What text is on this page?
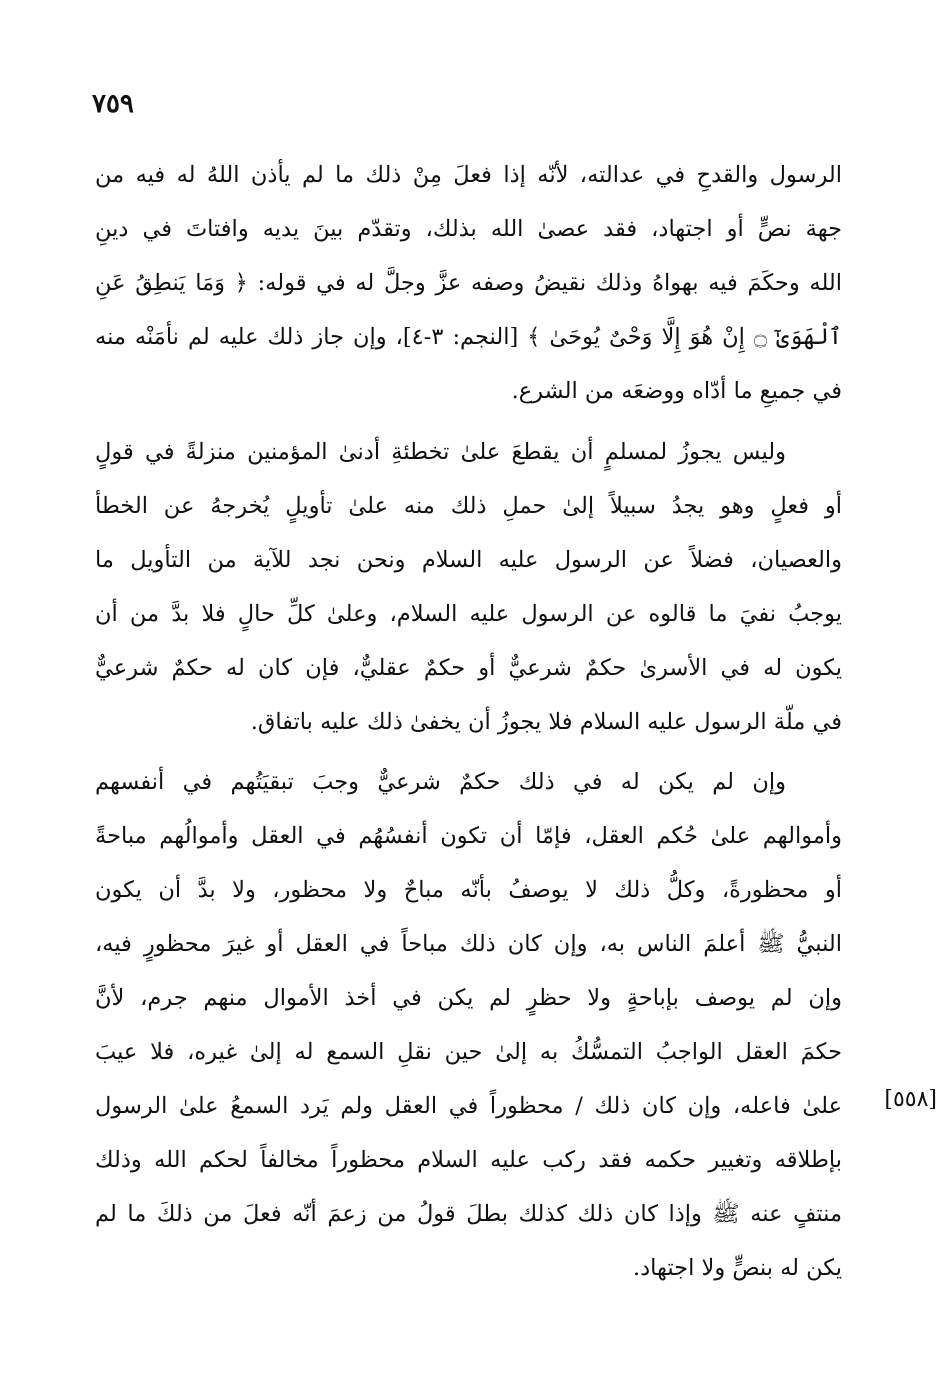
٧٥٩
الرسول والقدحِ في عدالته، لأنّه إذا فعلَ مِنْ ذلك ما لم يأذن اللهُ له فيه من
جهة نصٍّ أو اجتهاد، فقد عصىٰ الله بذلك، وتقدّم بينَ يديه وافتاتَ في دينِ
الله وحكَمَ فيه بهواهُ وذلك نقيضُ وصفه عزَّ وجلَّ له في قوله: ﴿ وَمَا يَنطِقُ عَنِ
ٱلْهَوَىٰٓ ۝ إِنْ هُوَ إِلَّا وَحْىٌ يُوحَىٰ ﴾ [النجم: ٣-٤]، وإن جاز ذلك عليه لم نأمَنْه منه
في جميعِ ما أدّاه ووضعَه من الشرع.
وليس يجوزُ لمسلمٍ أن يقطعَ علىٰ تخطئةِ أدنىٰ المؤمنين منزلةً في قولٍ
أو فعلٍ وهو يجدُ سبيلاً إلىٰ حملِ ذلك منه علىٰ تأويلٍ يُخرجهُ عن الخطأ
والعصيان، فضلاً عن الرسول عليه السلام ونحن نجد للآية من التأويل ما
يوجبُ نفيَ ما قالوه عن الرسول عليه السلام، وعلىٰ كلِّ حالٍ فلا بدَّ من أن
يكون له في الأسرىٰ حكمٌ شرعيٌّ أو حكمٌ عقليٌّ، فإن كان له حكمٌ شرعيٌّ
في ملّة الرسول عليه السلام فلا يجوزُ أن يخفىٰ ذلك عليه باتفاق.
وإن لم يكن له في ذلك حكمٌ شرعيٌّ وجبَ تبقيَتُهم في أنفسهم
وأموالهم علىٰ حُكم العقل، فإمّا أن تكون أنفسُهُم في العقل وأموالُهم مباحةً
أو محظورةً، وكلُّ ذلك لا يوصفُ بأنّه مباحٌ ولا محظور، ولا بدَّ أن يكون
النبيُّ ﷺ أعلمَ الناس به، وإن كان ذلك مباحاً في العقل أو غيرَ محظورٍ فيه،
وإن لم يوصف بإباحةٍ ولا حظرٍ لم يكن في أخذ الأموال منهم جرم، لأنَّ
حكمَ العقل الواجبُ التمسُّكُ به إلىٰ حين نقلِ السمع له إلىٰ غيره، فلا عيبَ
علىٰ فاعله، وإن كان ذلك / محظوراً في العقل ولم يَرد السمعُ علىٰ الرسول
بإطلاقه وتغيير حكمه فقد ركب عليه السلام محظوراً مخالفاً لحكم الله وذلك
منتفٍ عنه ﷺ وإذا كان ذلك كذلك بطلَ قولُ من زعمَ أنّه فعلَ من ذلكَ ما لم
يكن له بنصٍّ ولا اجتهاد.
[٥٥٨]
